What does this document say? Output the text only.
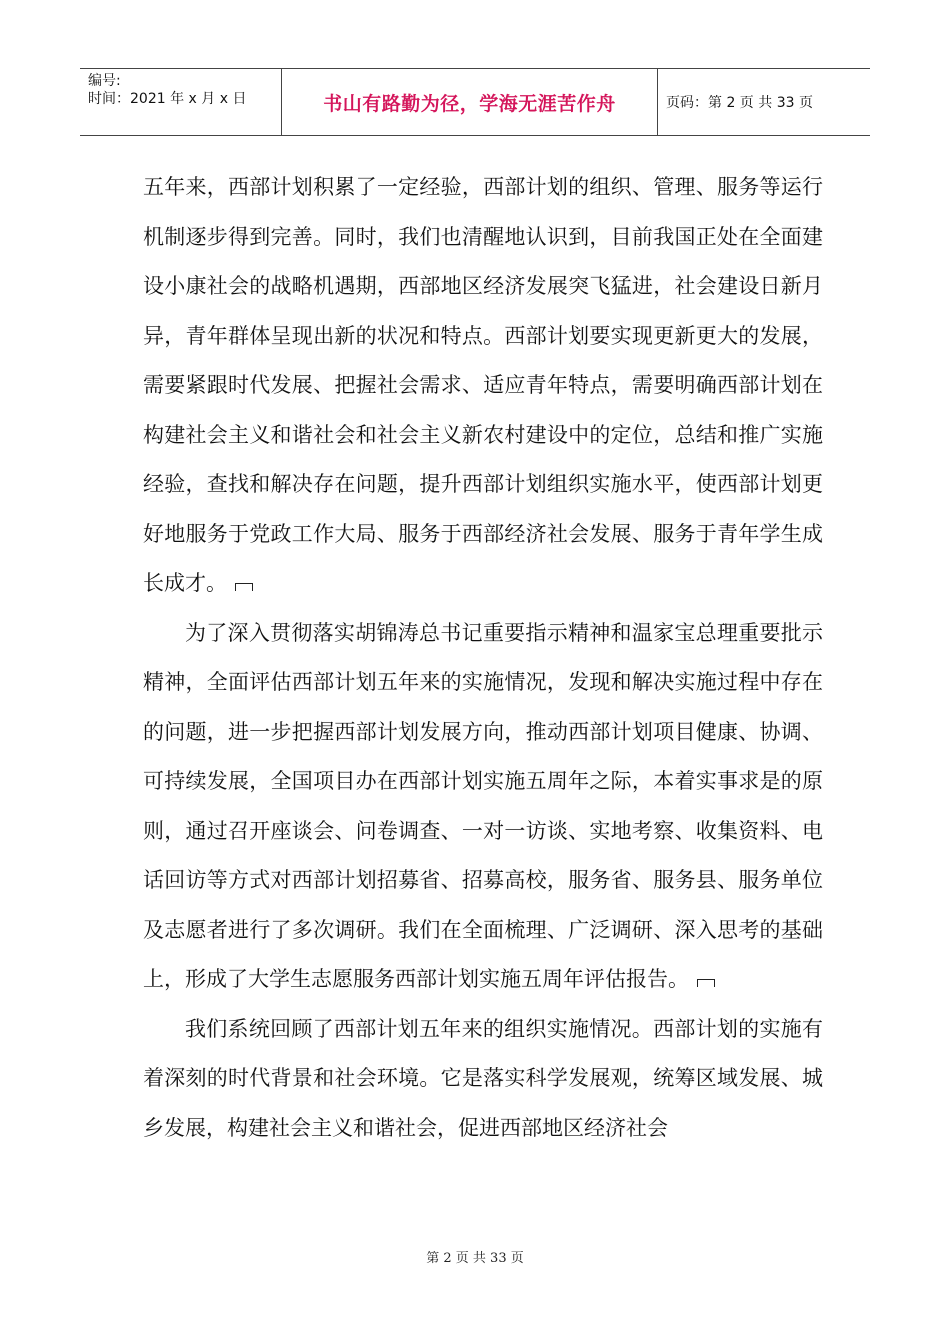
编号:
时间：2021 年 x 月 x 日	书山有路勤为径，学海无涯苦作舟	页码：第 2 页 共 33 页

五年来，西部计划积累了一定经验，西部计划的组织、管理、服务等运行机制逐步得到完善。同时，我们也清醒地认识到，目前我国正处在全面建设小康社会的战略机遇期，西部地区经济发展突飞猛进，社会建设日新月异，青年群体呈现出新的状况和特点。西部计划要实现更新更大的发展，需要紧跟时代发展、把握社会需求、适应青年特点，需要明确西部计划在构建社会主义和谐社会和社会主义新农村建设中的定位，总结和推广实施经验，查找和解决存在问题，提升西部计划组织实施水平，使西部计划更好地服务于党政工作大局、服务于西部经济社会发展、服务于青年学生成长成才。

为了深入贯彻落实胡锦涛总书记重要指示精神和温家宝总理重要批示精神，全面评估西部计划五年来的实施情况，发现和解决实施过程中存在的问题，进一步把握西部计划发展方向，推动西部计划项目健康、协调、可持续发展，全国项目办在西部计划实施五周年之际，本着实事求是的原则，通过召开座谈会、问卷调查、一对一访谈、实地考察、收集资料、电话回访等方式对西部计划招募省、招募高校，服务省、服务县、服务单位及志愿者进行了多次调研。我们在全面梳理、广泛调研、深入思考的基础上，形成了大学生志愿服务西部计划实施五周年评估报告。

我们系统回顾了西部计划五年来的组织实施情况。西部计划的实施有着深刻的时代背景和社会环境。它是落实科学发展观，统筹区域发展、城乡发展，构建社会主义和谐社会，促进西部地区经济社会

第 2 页 共 33 页
